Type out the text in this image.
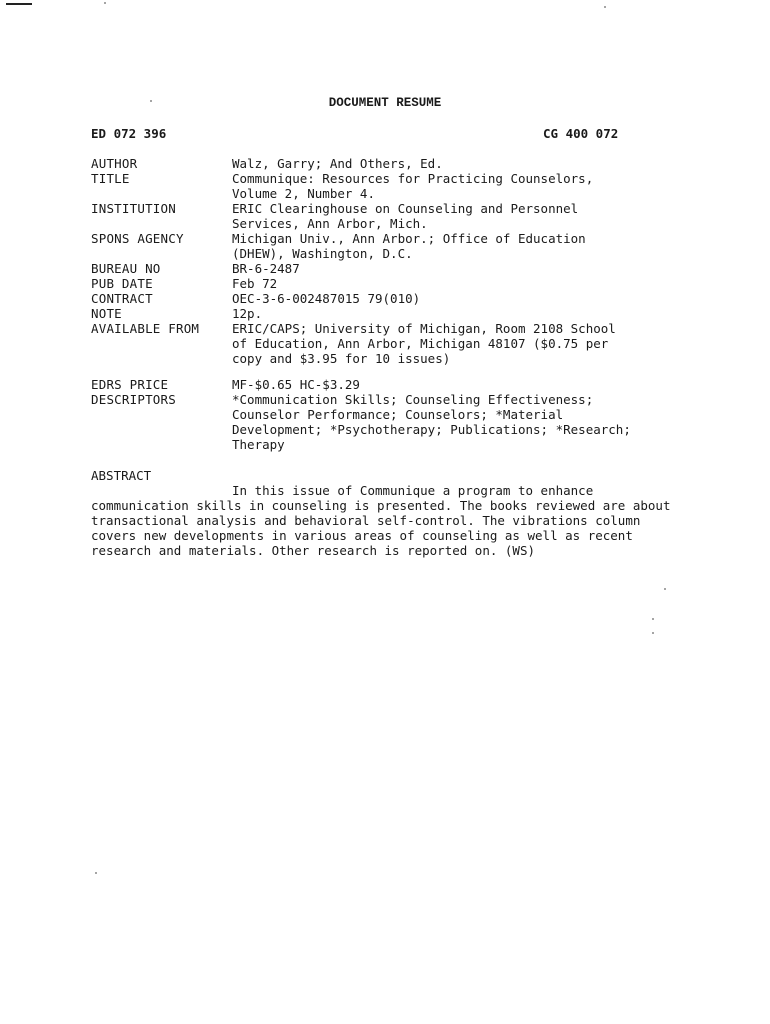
DOCUMENT RESUME
ED 072 396	CG 400 072
AUTHOR	Walz, Garry; And Others, Ed.
TITLE	Communique: Resources for Practicing Counselors,
Volume 2, Number 4.
INSTITUTION	ERIC Clearinghouse on Counseling and Personnel
Services, Ann Arbor, Mich.
SPONS AGENCY	Michigan Univ., Ann Arbor.; Office of Education
(DHEW), Washington, D.C.
BUREAU NO	BR-6-2487
PUB DATE	Feb 72
CONTRACT	OEC-3-6-002487015 79(010)
NOTE	12p.
AVAILABLE FROM	ERIC/CAPS; University of Michigan, Room 2108 School
of Education, Ann Arbor, Michigan 48107 ($0.75 per
copy and $3.95 for 10 issues)
EDRS PRICE	MF-$0.65 HC-$3.29
DESCRIPTORS	*Communication Skills; Counseling Effectiveness;
Counselor Performance; Counselors; *Material
Development; *Psychotherapy; Publications; *Research;
Therapy
ABSTRACT
In this issue of Communique a program to enhance communication skills in counseling is presented. The books reviewed are about transactional analysis and behavioral self-control. The vibrations column covers new developments in various areas of counseling as well as recent research and materials. Other research is reported on. (WS)
